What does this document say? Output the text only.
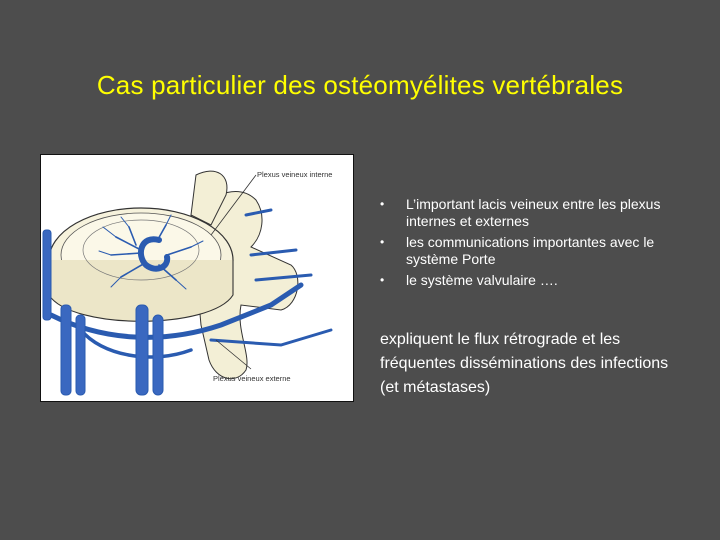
Cas particulier des ostéomyélites vertébrales
Plexus veineux interne
Plexus veineux externe
• L’important lacis veineux entre les plexus internes et externes
• les communications importantes avec le système Porte
• le système valvulaire ….
expliquent le flux rétrograde et les fréquentes disséminations des infections (et métastases)
